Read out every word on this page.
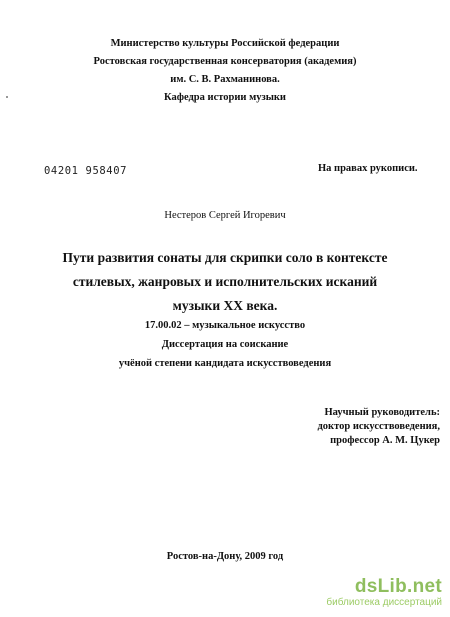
Министерство культуры Российской федерации
Ростовская государственная консерватория (академия)
им. С. В. Рахманинова.
Кафедра истории музыки
04201 958407	На правах рукописи.
Нестеров Сергей Игоревич
Пути развития сонаты для скрипки соло в контексте
стилевых, жанровых и исполнительских исканий
музыки XX века.
17.00.02 – музыкальное искусство
Диссертация на соискание
учёной степени кандидата искусствоведения
Научный руководитель:
доктор искусствоведения,
профессор А. М. Цукер
Ростов-на-Дону, 2009 год
dsLib.net
библиотека диссертаций
